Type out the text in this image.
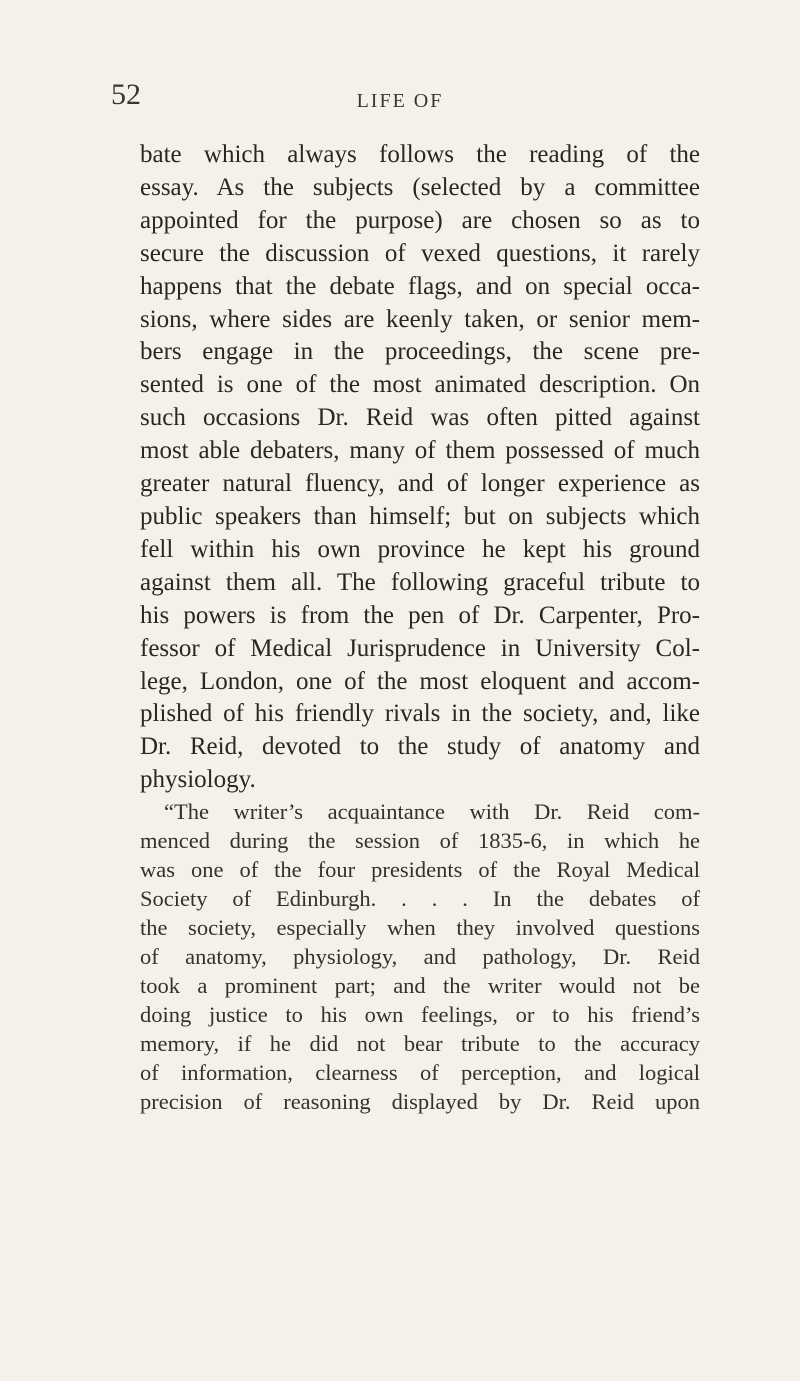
52	LIFE OF

bate which always follows the reading of the
essay. As the subjects (selected by a committee
appointed for the purpose) are chosen so as to
secure the discussion of vexed questions, it rarely
happens that the debate flags, and on special occa-
sions, where sides are keenly taken, or senior mem-
bers engage in the proceedings, the scene pre-
sented is one of the most animated description. On
such occasions Dr. Reid was often pitted against
most able debaters, many of them possessed of much
greater natural fluency, and of longer experience as
public speakers than himself; but on subjects which
fell within his own province he kept his ground
against them all. The following graceful tribute to
his powers is from the pen of Dr. Carpenter, Pro-
fessor of Medical Jurisprudence in University Col-
lege, London, one of the most eloquent and accom-
plished of his friendly rivals in the society, and, like
Dr. Reid, devoted to the study of anatomy and
physiology.

“The writer’s acquaintance with Dr. Reid com-
menced during the session of 1835-6, in which he
was one of the four presidents of the Royal Medical
Society of Edinburgh. . . . In the debates of
the society, especially when they involved questions
of anatomy, physiology, and pathology, Dr. Reid
took a prominent part; and the writer would not be
doing justice to his own feelings, or to his friend’s
memory, if he did not bear tribute to the accuracy
of information, clearness of perception, and logical
precision of reasoning displayed by Dr. Reid upon
